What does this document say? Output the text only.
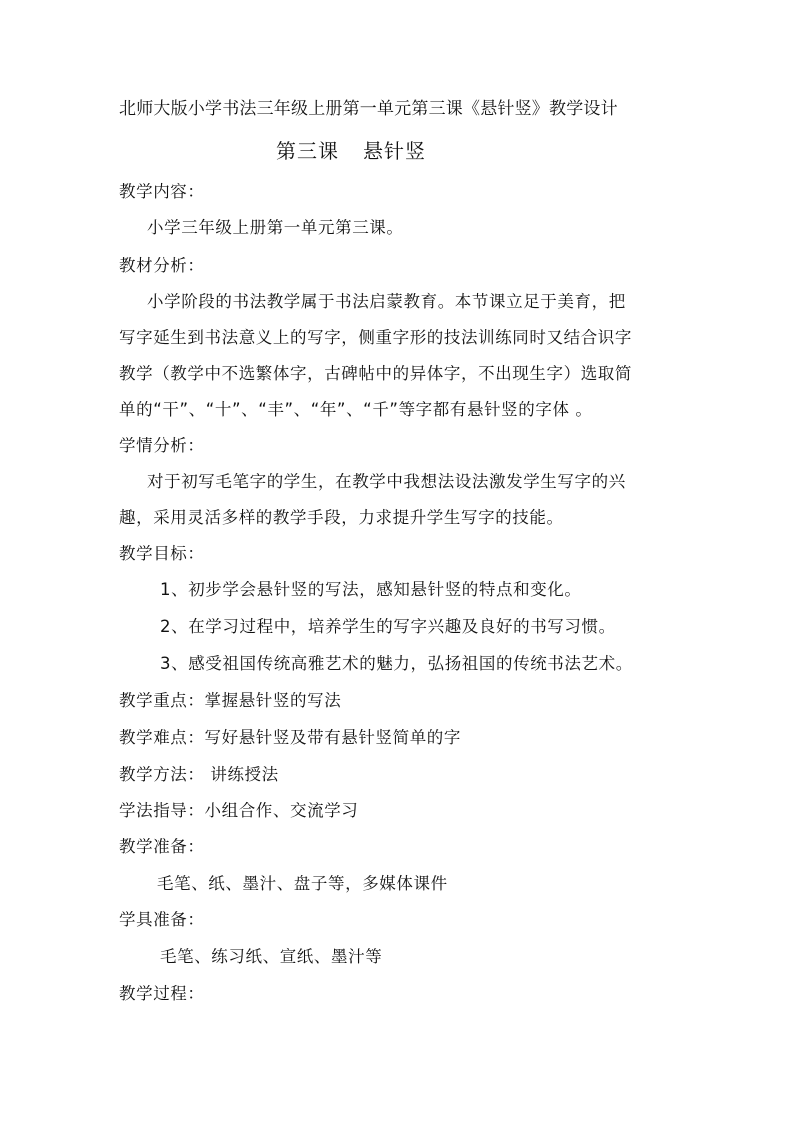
北师大版小学书法三年级上册第一单元第三课《悬针竖》教学设计
第三课 悬针竖
教学内容：
小学三年级上册第一单元第三课。
教材分析：
小学阶段的书法教学属于书法启蒙教育。本节课立足于美育，把
写字延生到书法意义上的写字，侧重字形的技法训练同时又结合识字
教学（教学中不选繁体字，古碑帖中的异体字，不出现生字）选取简
单的“干”、“十”、“丰”、“年”、“千”等字都有悬针竖的字体 。
学情分析：
对于初写毛笔字的学生，在教学中我想法设法激发学生写字的兴
趣，采用灵活多样的教学手段，力求提升学生写字的技能。
教学目标：
1、初步学会悬针竖的写法，感知悬针竖的特点和变化。
2、在学习过程中，培养学生的写字兴趣及良好的书写习惯。
3、感受祖国传统高雅艺术的魅力，弘扬祖国的传统书法艺术。
教学重点：掌握悬针竖的写法
教学难点：写好悬针竖及带有悬针竖简单的字
教学方法： 讲练授法
学法指导：小组合作、交流学习
教学准备：
毛笔、纸、墨汁、盘子等，多媒体课件
学具准备：
毛笔、练习纸、宣纸、墨汁等
教学过程：
